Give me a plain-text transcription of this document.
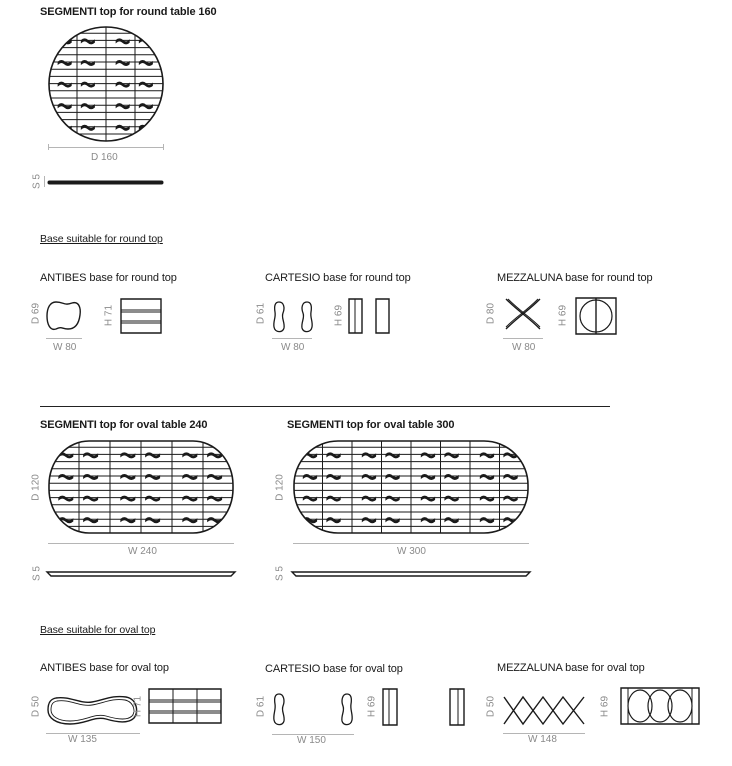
SEGMENTI top for round table 160
D 160
S 5
Base suitable for round top
ANTIBES base for round top
D 69
W 80
H 71
CARTESIO base for round top
D 61
W 80
H 69
MEZZALUNA base for round top
D 80
W 80
H 69
SEGMENTI top for oval table 240
D 120
W 240
S 5
SEGMENTI top for oval table 300
D 120
W 300
S 5
Base suitable for oval top
ANTIBES base for oval top
D 50
W 135
H 71
CARTESIO base for oval top
D 61
W 150
H 69
MEZZALUNA base for oval top
D 50
W 148
H 69
